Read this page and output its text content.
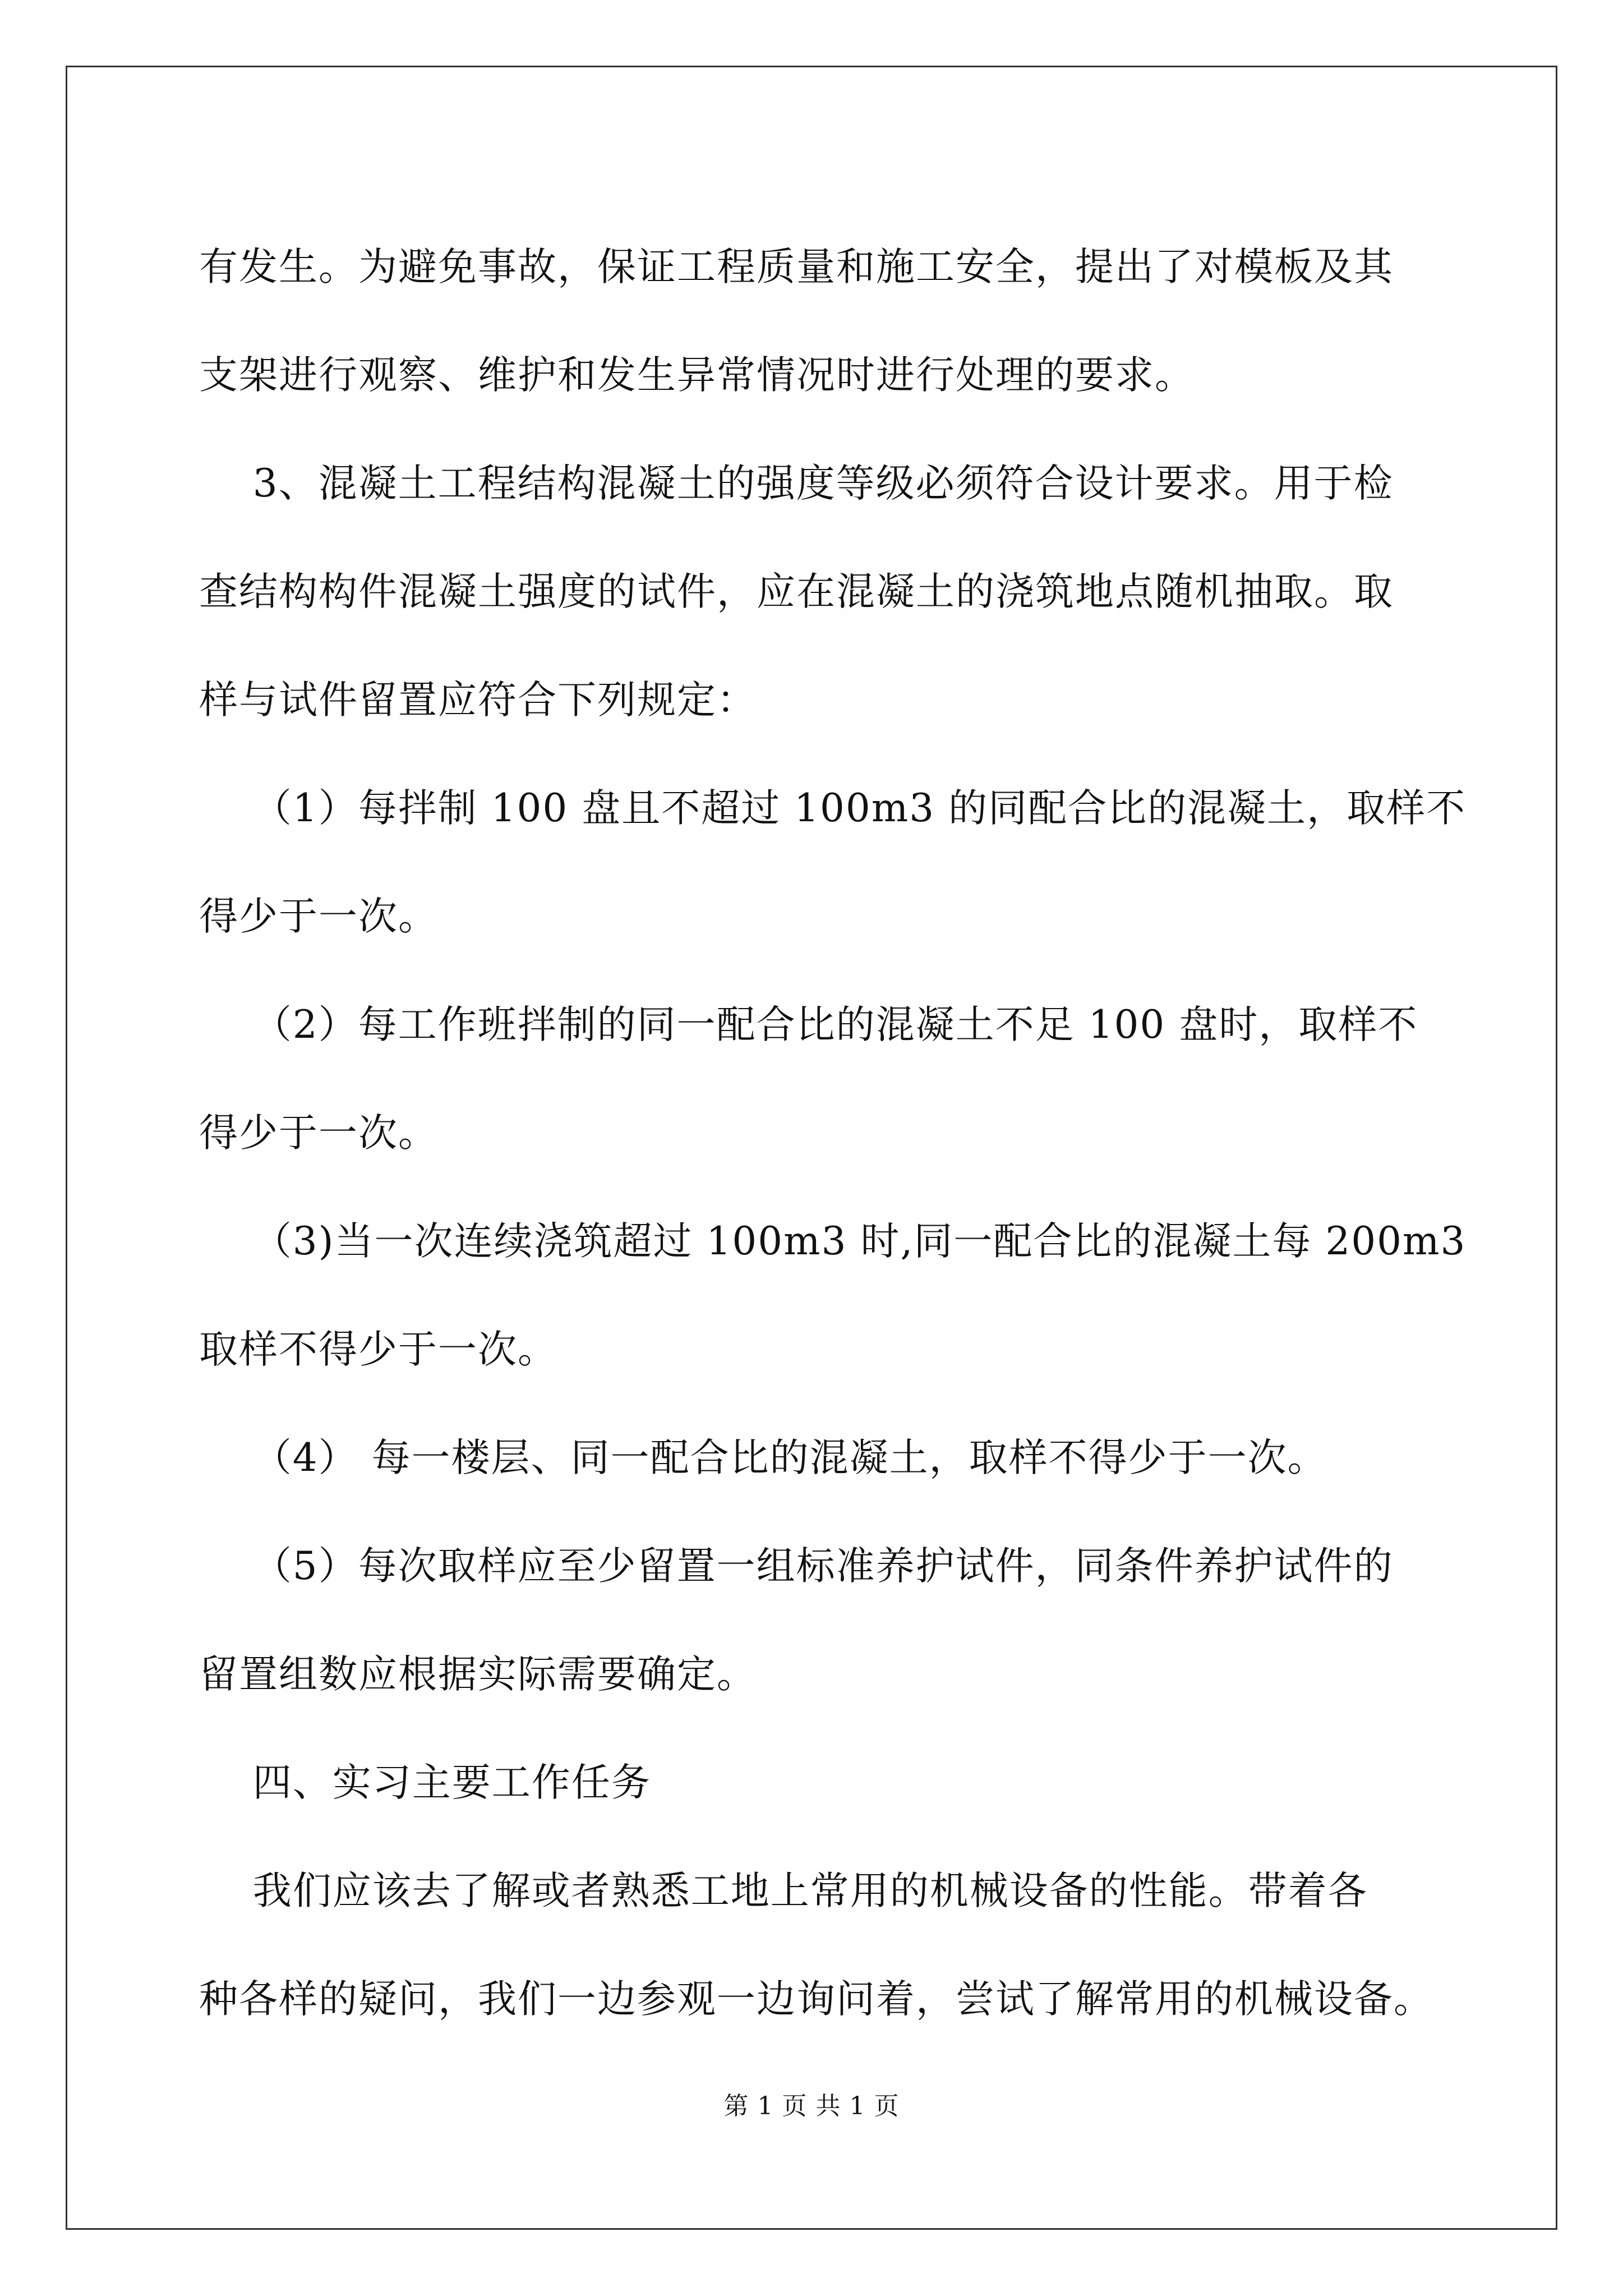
有发生。为避免事故，保证工程质量和施工安全，提出了对模板及其

支架进行观察、维护和发生异常情况时进行处理的要求。

3、混凝土工程结构混凝土的强度等级必须符合设计要求。用于检

查结构构件混凝土强度的试件，应在混凝土的浇筑地点随机抽取。取

样与试件留置应符合下列规定：

（1）每拌制 100 盘且不超过 100m3 的同配合比的混凝土，取样不

得少于一次。

（2）每工作班拌制的同一配合比的混凝土不足 100 盘时，取样不

得少于一次。

（3)当一次连续浇筑超过 100m3 时,同一配合比的混凝土每 200m3

取样不得少于一次。

（4） 每一楼层、同一配合比的混凝土，取样不得少于一次。

（5）每次取样应至少留置一组标准养护试件，同条件养护试件的

留置组数应根据实际需要确定。

四、实习主要工作任务

我们应该去了解或者熟悉工地上常用的机械设备的性能。带着各

种各样的疑问，我们一边参观一边询问着，尝试了解常用的机械设备。

第 1 页 共 1 页
